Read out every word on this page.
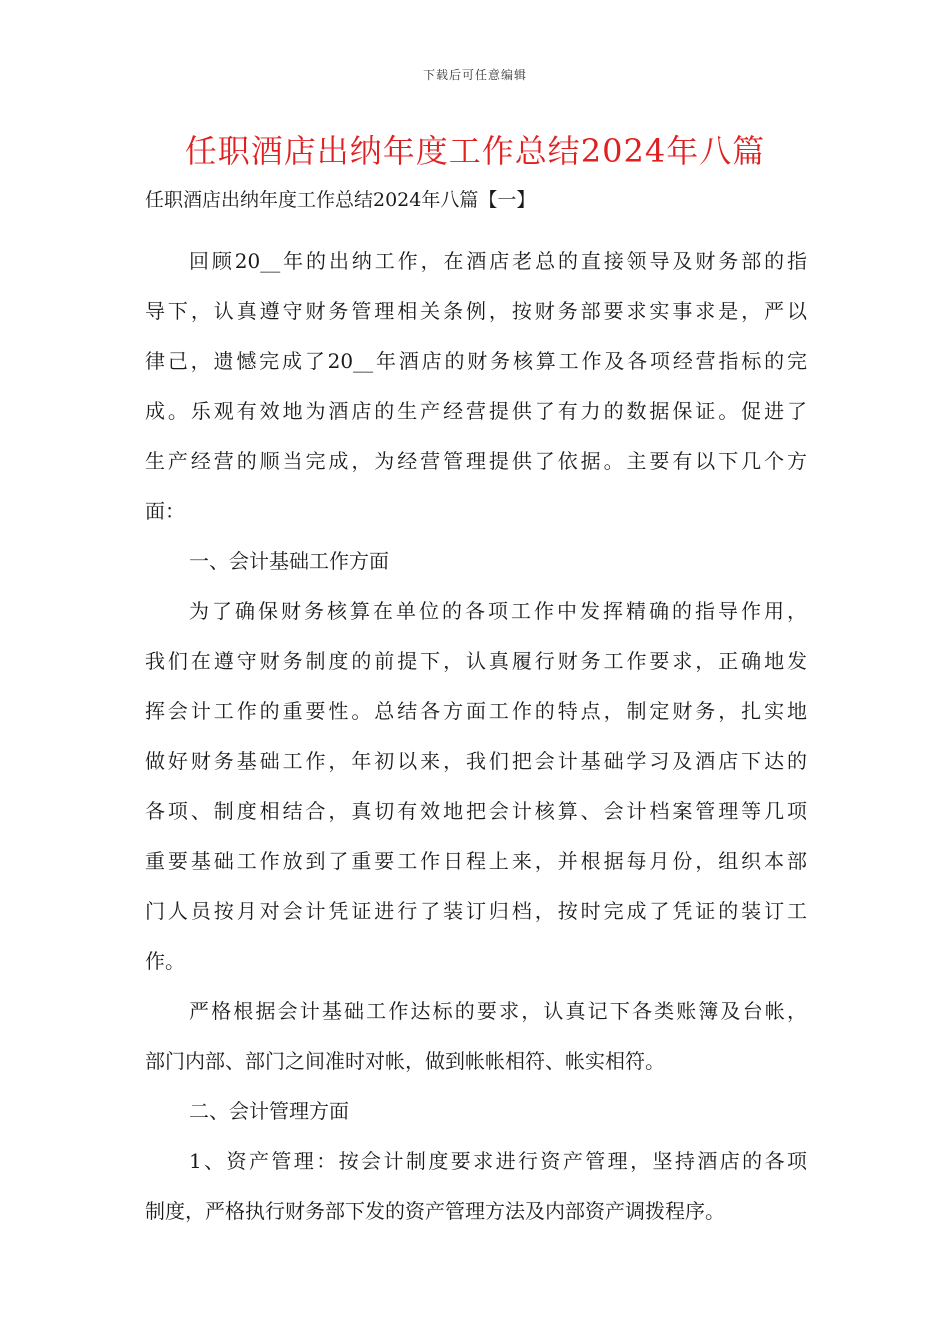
下载后可任意编辑
任职酒店出纳年度工作总结2024年八篇

任职酒店出纳年度工作总结2024年八篇【一】

回顾20__年的出纳工作，在酒店老总的直接领导及财务部的指

导下，认真遵守财务管理相关条例，按财务部要求实事求是，严以

律己，遗憾完成了20__年酒店的财务核算工作及各项经营指标的完

成。乐观有效地为酒店的生产经营提供了有力的数据保证。促进了

生产经营的顺当完成，为经营管理提供了依据。主要有以下几个方

面：

一、会计基础工作方面

为了确保财务核算在单位的各项工作中发挥精确的指导作用，

我们在遵守财务制度的前提下，认真履行财务工作要求，正确地发

挥会计工作的重要性。总结各方面工作的特点，制定财务，扎实地

做好财务基础工作，年初以来，我们把会计基础学习及酒店下达的

各项、制度相结合，真切有效地把会计核算、会计档案管理等几项

重要基础工作放到了重要工作日程上来，并根据每月份，组织本部

门人员按月对会计凭证进行了装订归档，按时完成了凭证的装订工

作。

严格根据会计基础工作达标的要求，认真记下各类账簿及台帐，

部门内部、部门之间准时对帐，做到帐帐相符、帐实相符。

二、会计管理方面

1、资产管理：按会计制度要求进行资产管理，坚持酒店的各项

制度，严格执行财务部下发的资产管理方法及内部资产调拨程序。
